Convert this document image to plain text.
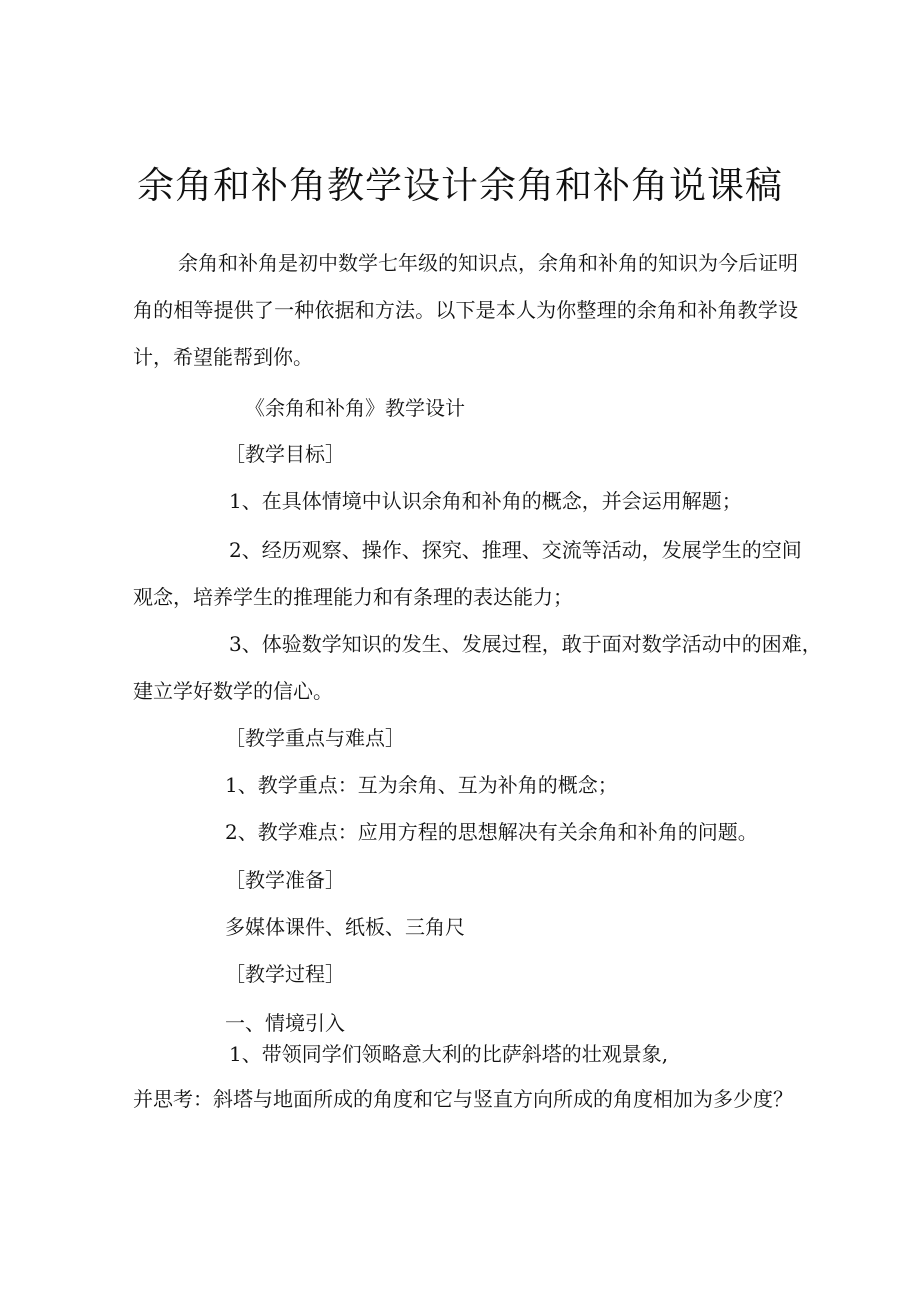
余角和补角教学设计余角和补角说课稿
余角和补角是初中数学七年级的知识点，余角和补角的知识为今后证明
角的相等提供了一种依据和方法。以下是本人为你整理的余角和补角教学设
计，希望能帮到你。
《余角和补角》教学设计
［教学目标］
1、在具体情境中认识余角和补角的概念，并会运用解题；
2、经历观察、操作、探究、推理、交流等活动，发展学生的空间
观念，培养学生的推理能力和有条理的表达能力；
3、体验数学知识的发生、发展过程，敢于面对数学活动中的困难，
建立学好数学的信心。
［教学重点与难点］
1、教学重点：互为余角、互为补角的概念；
2、教学难点：应用方程的思想解决有关余角和补角的问题。
［教学准备］
多媒体课件、纸板、三角尺
［教学过程］
一、情境引入
1、带领同学们领略意大利的比萨斜塔的壮观景象,
并思考：斜塔与地面所成的角度和它与竖直方向所成的角度相加为多少度？
